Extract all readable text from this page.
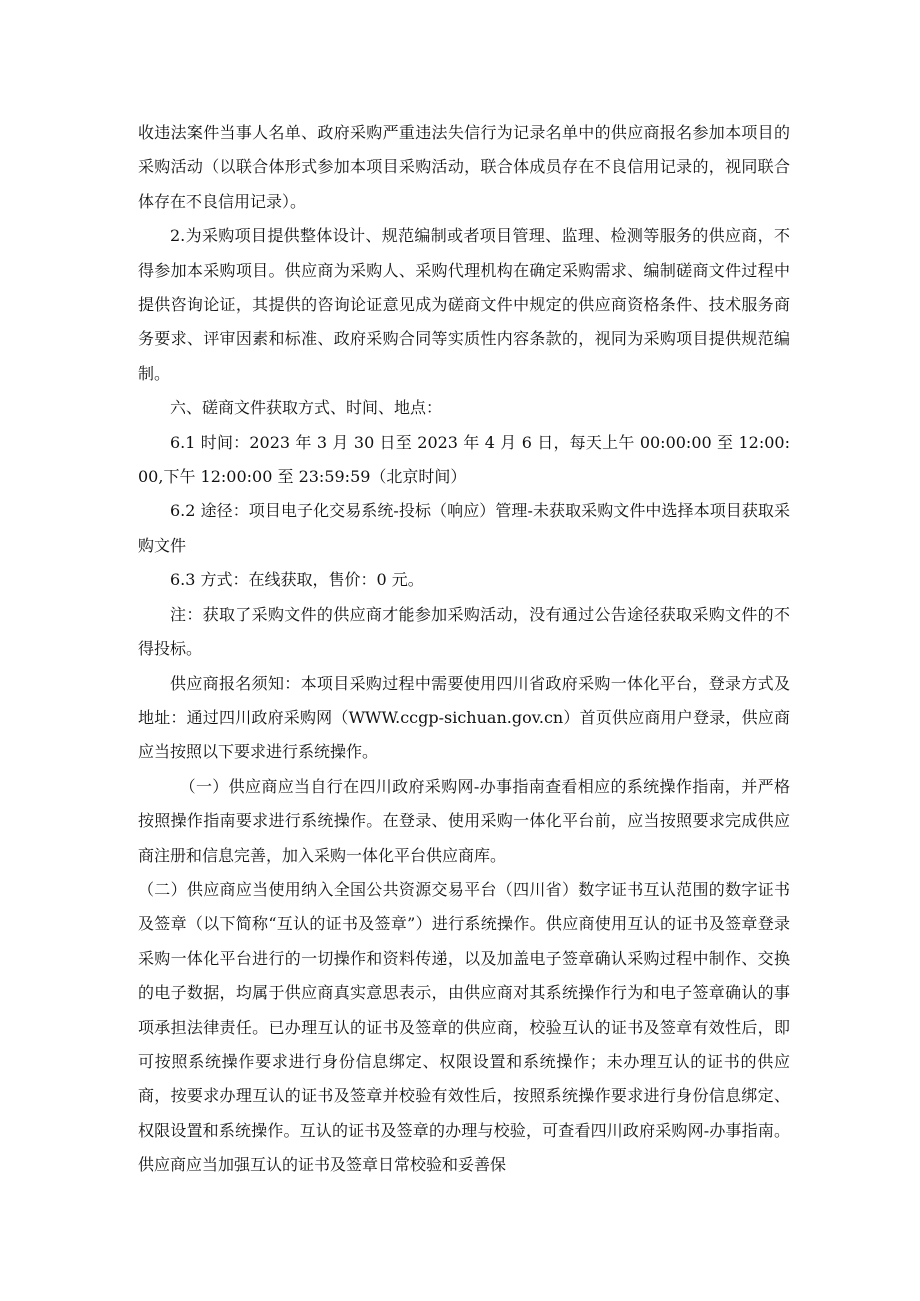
收违法案件当事人名单、政府采购严重违法失信行为记录名单中的供应商报名参加本项目的采购活动（以联合体形式参加本项目采购活动，联合体成员存在不良信用记录的，视同联合体存在不良信用记录）。

2.为采购项目提供整体设计、规范编制或者项目管理、监理、检测等服务的供应商，不得参加本采购项目。供应商为采购人、采购代理机构在确定采购需求、编制磋商文件过程中提供咨询论证，其提供的咨询论证意见成为磋商文件中规定的供应商资格条件、技术服务商务要求、评审因素和标准、政府采购合同等实质性内容条款的，视同为采购项目提供规范编制。

六、磋商文件获取方式、时间、地点：

6.1 时间：2023 年 3 月 30 日至 2023 年 4 月 6 日，每天上午 00:00:00 至 12:00:00,下午 12:00:00 至 23:59:59（北京时间）

6.2 途径：项目电子化交易系统-投标（响应）管理-未获取采购文件中选择本项目获取采购文件

6.3 方式：在线获取，售价：0 元。

注：获取了采购文件的供应商才能参加采购活动，没有通过公告途径获取采购文件的不得投标。

供应商报名须知：本项目采购过程中需要使用四川省政府采购一体化平台，登录方式及地址：通过四川政府采购网（WWW.ccgp-sichuan.gov.cn）首页供应商用户登录，供应商应当按照以下要求进行系统操作。

（一）供应商应当自行在四川政府采购网-办事指南查看相应的系统操作指南，并严格按照操作指南要求进行系统操作。在登录、使用采购一体化平台前，应当按照要求完成供应商注册和信息完善，加入采购一体化平台供应商库。

（二）供应商应当使用纳入全国公共资源交易平台（四川省）数字证书互认范围的数字证书及签章（以下简称“互认的证书及签章”）进行系统操作。供应商使用互认的证书及签章登录采购一体化平台进行的一切操作和资料传递，以及加盖电子签章确认采购过程中制作、交换的电子数据，均属于供应商真实意思表示，由供应商对其系统操作行为和电子签章确认的事项承担法律责任。已办理互认的证书及签章的供应商，校验互认的证书及签章有效性后，即可按照系统操作要求进行身份信息绑定、权限设置和系统操作；未办理互认的证书的供应商，按要求办理互认的证书及签章并校验有效性后，按照系统操作要求进行身份信息绑定、权限设置和系统操作。互认的证书及签章的办理与校验，可查看四川政府采购网-办事指南。供应商应当加强互认的证书及签章日常校验和妥善保
